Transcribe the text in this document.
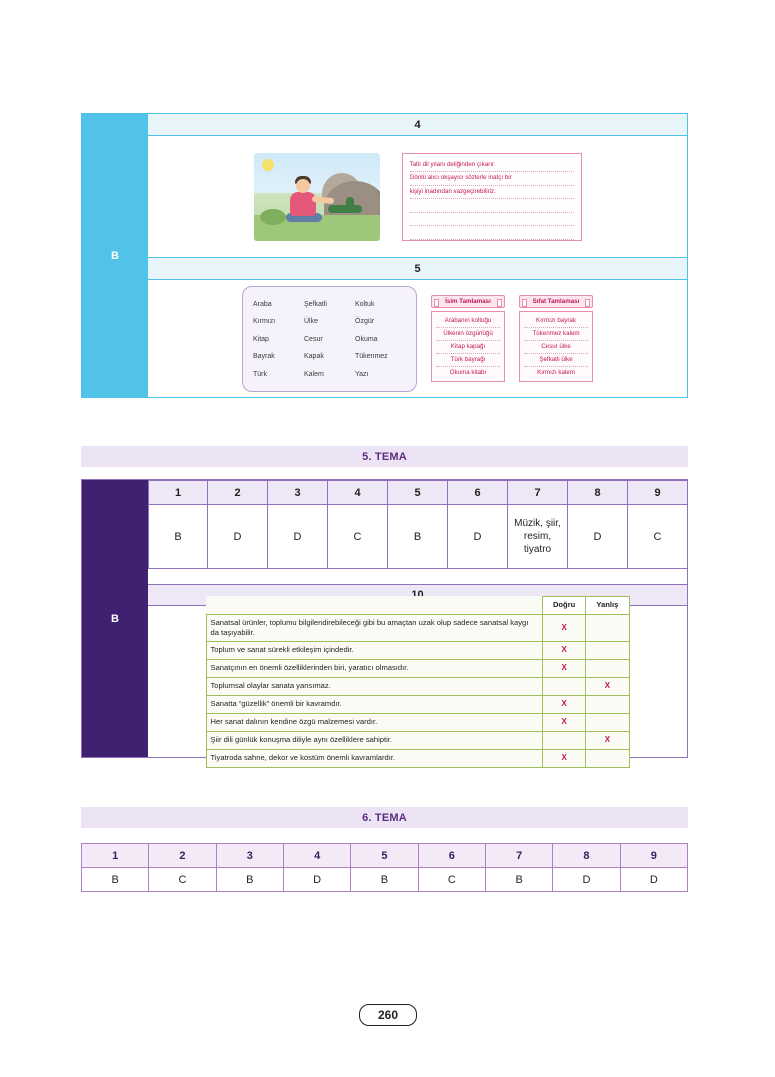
B
4
Tatlı dil yılanı deliğinden çıkarır.
Gönlü alıcı okşayıcı sözlerle inatçı bir
kişiyi inadından vazgeçirebiliriz.
5
Araba	Şefkatli	Koltuk
Kırmızı	Ülke	Özgür
Kitap	Cesur	Okuma
Bayrak	Kapak	Tükenmez
Türk	Kalem	Yazı
İsim Tamlaması
Arabanın koltuğu
Ülkenin özgürlüğü
Kitap kapağı
Türk bayrağı
Okuma kitabı
Sıfat Tamlaması
Kırmızı bayrak
Tükenmez kalem
Cesur ülke
Şefkatli ülke
Kırmızı kalem
5. TEMA
B
1	2	3	4	5	6	7	8	9
B	D	D	C	B	D	Müzik, şiir, resim, tiyatro	D	C
	Doğru	Yanlış
Sanatsal ürünler, toplumu bilgilendirebileceği gibi bu amaçtan uzak olup sadece sanatsal kaygı da taşıyabilir.	X	
Toplum ve sanat sürekli etkileşim içindedir.	X	
Sanatçının en önemli özelliklerinden biri, yaratıcı olmasıdır.	X	
Toplumsal olaylar sanata yansımaz.		X
Sanatta “güzellik” önemli bir kavramdır.	X	
Her sanat dalının kendine özgü malzemesi vardır.	X	
Şiir dili günlük konuşma diliyle aynı özelliklere sahiptir.		X
Tiyatroda sahne, dekor ve kostüm önemli kavramlardır.	X	
6. TEMA
1	2	3	4	5	6	7	8	9
B	C	B	D	B	C	B	D	D
260
